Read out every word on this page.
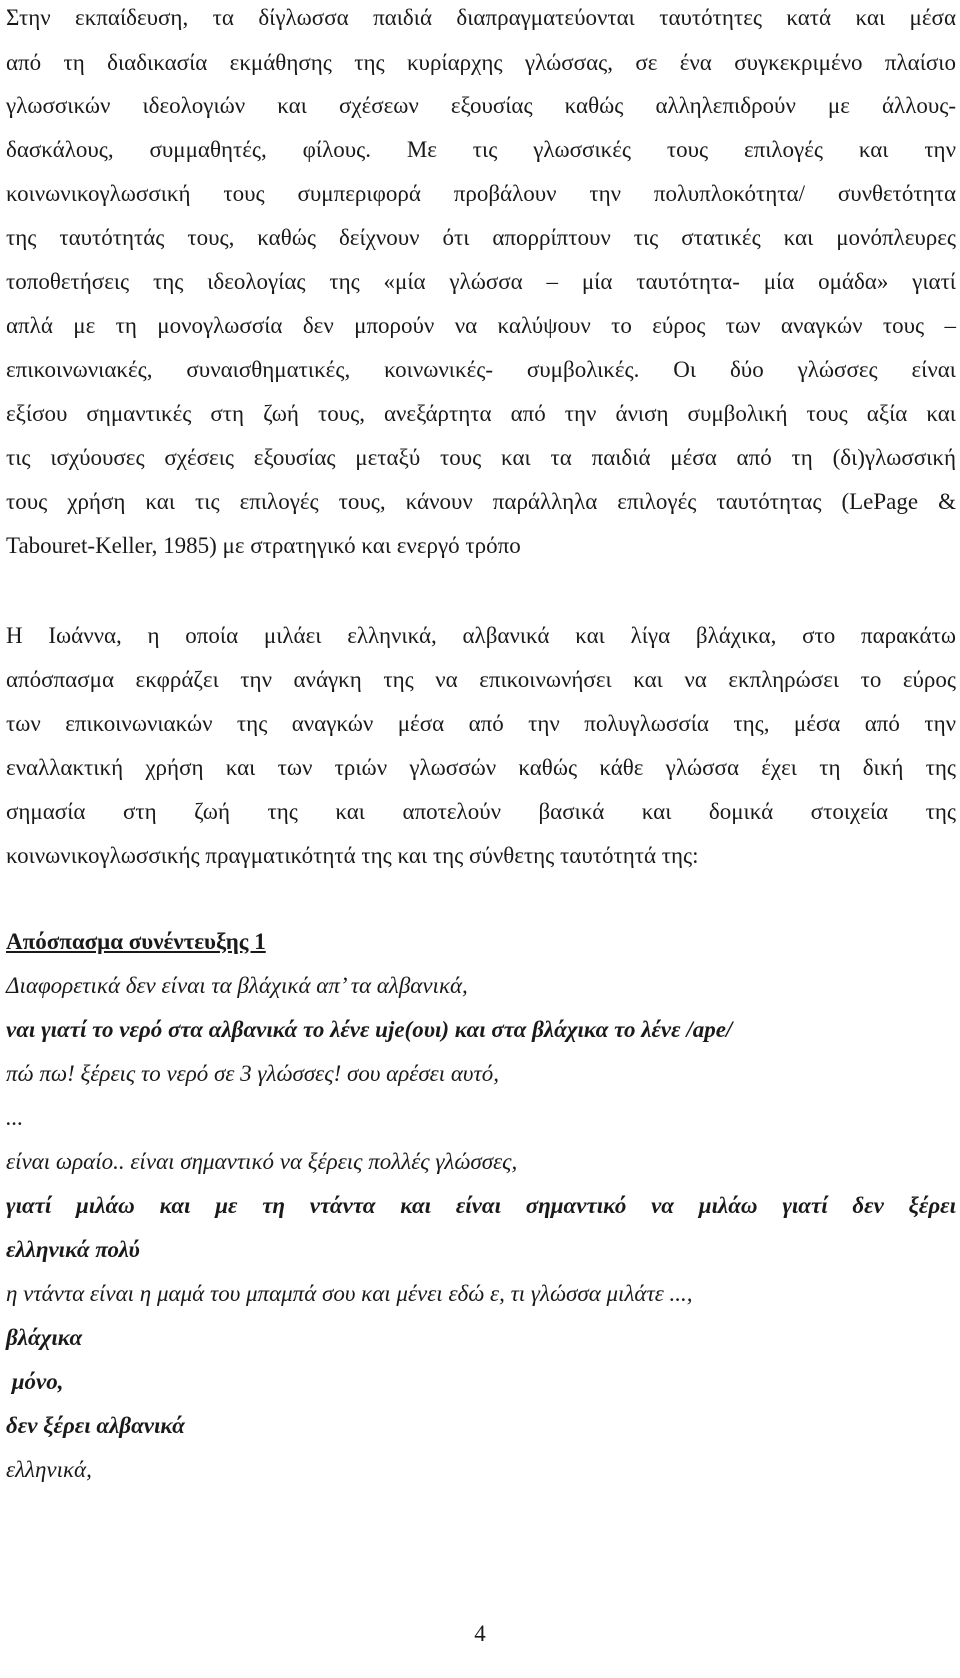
Στην εκπαίδευση, τα δίγλωσσα παιδιά διαπραγματεύονται ταυτότητες κατά και μέσα
από τη διαδικασία εκμάθησης της κυρίαρχης γλώσσας, σε ένα συγκεκριμένο πλαίσιο
γλωσσικών ιδεολογιών και σχέσεων εξουσίας καθώς αλληλεπιδρούν με άλλους-
δασκάλους, συμμαθητές, φίλους. Με τις γλωσσικές τους επιλογές και την
κοινωνικογλωσσική τους συμπεριφορά προβάλουν την πολυπλοκότητα/ συνθετότητα
της ταυτότητάς τους, καθώς δείχνουν ότι απορρίπτουν τις στατικές και μονόπλευρες
τοποθετήσεις της ιδεολογίας της «μία γλώσσα – μία ταυτότητα- μία ομάδα» γιατί
απλά με τη μονογλωσσία δεν μπορούν να καλύψουν το εύρος των αναγκών τους –
επικοινωνιακές, συναισθηματικές, κοινωνικές- συμβολικές. Οι δύο γλώσσες είναι
εξίσου σημαντικές στη ζωή τους, ανεξάρτητα από την άνιση συμβολική τους αξία και
τις ισχύουσες σχέσεις εξουσίας μεταξύ τους και τα παιδιά μέσα από τη (δι)γλωσσική
τους χρήση και τις επιλογές τους, κάνουν παράλληλα επιλογές ταυτότητας (LePage &
Tabouret-Keller, 1985) με στρατηγικό και ενεργό τρόπο
Η Ιωάννα, η οποία μιλάει ελληνικά, αλβανικά και λίγα βλάχικα, στο παρακάτω
απόσπασμα εκφράζει την ανάγκη της να επικοινωνήσει και να εκπληρώσει το εύρος
των επικοινωνιακών της αναγκών μέσα από την πολυγλωσσία της, μέσα από την
εναλλακτική χρήση και των τριών γλωσσών καθώς κάθε γλώσσα έχει τη δική της
σημασία στη ζωή της και αποτελούν βασικά και δομικά στοιχεία της
κοινωνικογλωσσικής πραγματικότητά της και της σύνθετης ταυτότητά της:
Απόσπασμα συνέντευξης 1
Διαφορετικά δεν είναι τα βλάχικά απ’ τα αλβανικά,
ναι γιατί το νερό στα αλβανικά το λένε uje(ουι) και στα βλάχικα το λένε /ape/
πώ πω! ξέρεις το νερό σε 3 γλώσσες! σου αρέσει αυτό,
...
είναι ωραίο.. είναι σημαντικό να ξέρεις πολλές γλώσσες,
γιατί μιλάω και με τη ντάντα και είναι σημαντικό να μιλάω γιατί δεν ξέρει
ελληνικά πολύ
η ντάντα είναι η μαμά του μπαμπά σου και μένει εδώ ε, τι γλώσσα μιλάτε ...,
βλάχικα
μόνο,
δεν ξέρει αλβανικά
ελληνικά,
4
